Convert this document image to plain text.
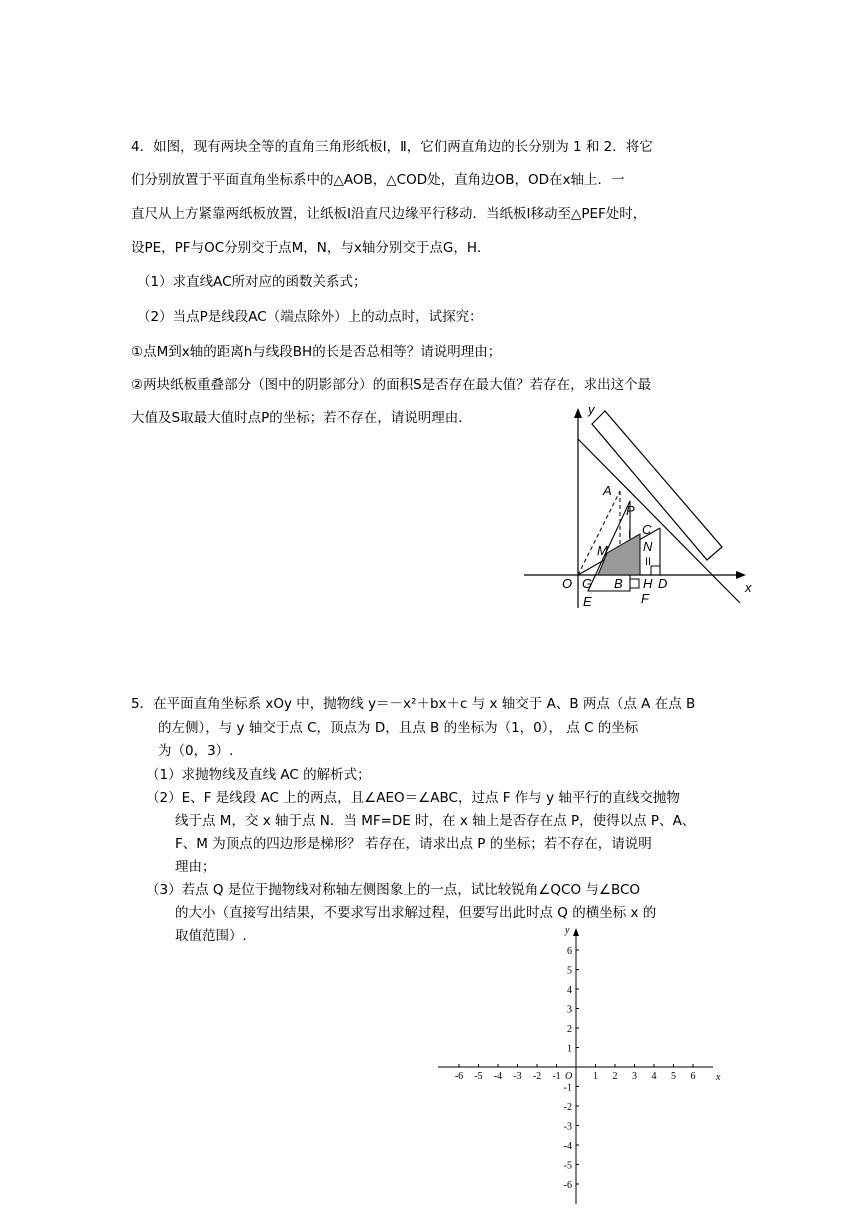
4．如图，现有两块全等的直角三角形纸板Ⅰ，Ⅱ，它们两直角边的长分别为 1 和 2．将它
们分别放置于平面直角坐标系中的△AOB，△COD处，直角边OB，OD在x轴上．一
直尺从上方紧靠两纸板放置，让纸板Ⅰ沿直尺边缘平行移动．当纸板Ⅰ移动至△PEF处时，
设PE，PF与OC分别交于点M，N，与x轴分别交于点G，H．
（1）求直线AC所对应的函数关系式；
（2）当点P是线段AC（端点除外）上的动点时，试探究：
①点M到x轴的距离h与线段BH的长是否总相等？请说明理由；
②两块纸板重叠部分（图中的阴影部分）的面积S是否存在最大值？若存在，求出这个最
大值及S取最大值时点P的坐标；若不存在，请说明理由．
y
x
A
P
C
I
M	N
II
O G B H D
E	F
5．在平面直角坐标系 xOy 中，抛物线 y＝－x²＋bx＋c 与 x 轴交于 A、B 两点（点 A 在点 B
的左侧），与 y 轴交于点 C，顶点为 D，且点 B 的坐标为（1，0）， 点 C 的坐标
为（0，3）.
（1）求抛物线及直线 AC 的解析式；
（2）E、F 是线段 AC 上的两点，且∠AEO＝∠ABC，过点 F 作与 y 轴平行的直线交抛物
线于点 M，交 x 轴于点 N．当 MF=DE 时，在 x 轴上是否存在点 P，使得以点 P、A、
F、M 为顶点的四边形是梯形？ 若存在，请求出点 P 的坐标；若不存在，请说明
理由；
（3）若点 Q 是位于抛物线对称轴左侧图象上的一点，试比较锐角∠QCO 与∠BCO
的大小（直接写出结果，不要求写出求解过程，但要写出此时点 Q 的横坐标 x 的
取值范围）.
x
y
O
-6 -5 -4 -3 -2 -1	1 2 3 4 5 6
6
5
4
3
2
1
-1
-2
-3
-4
-5
-6
